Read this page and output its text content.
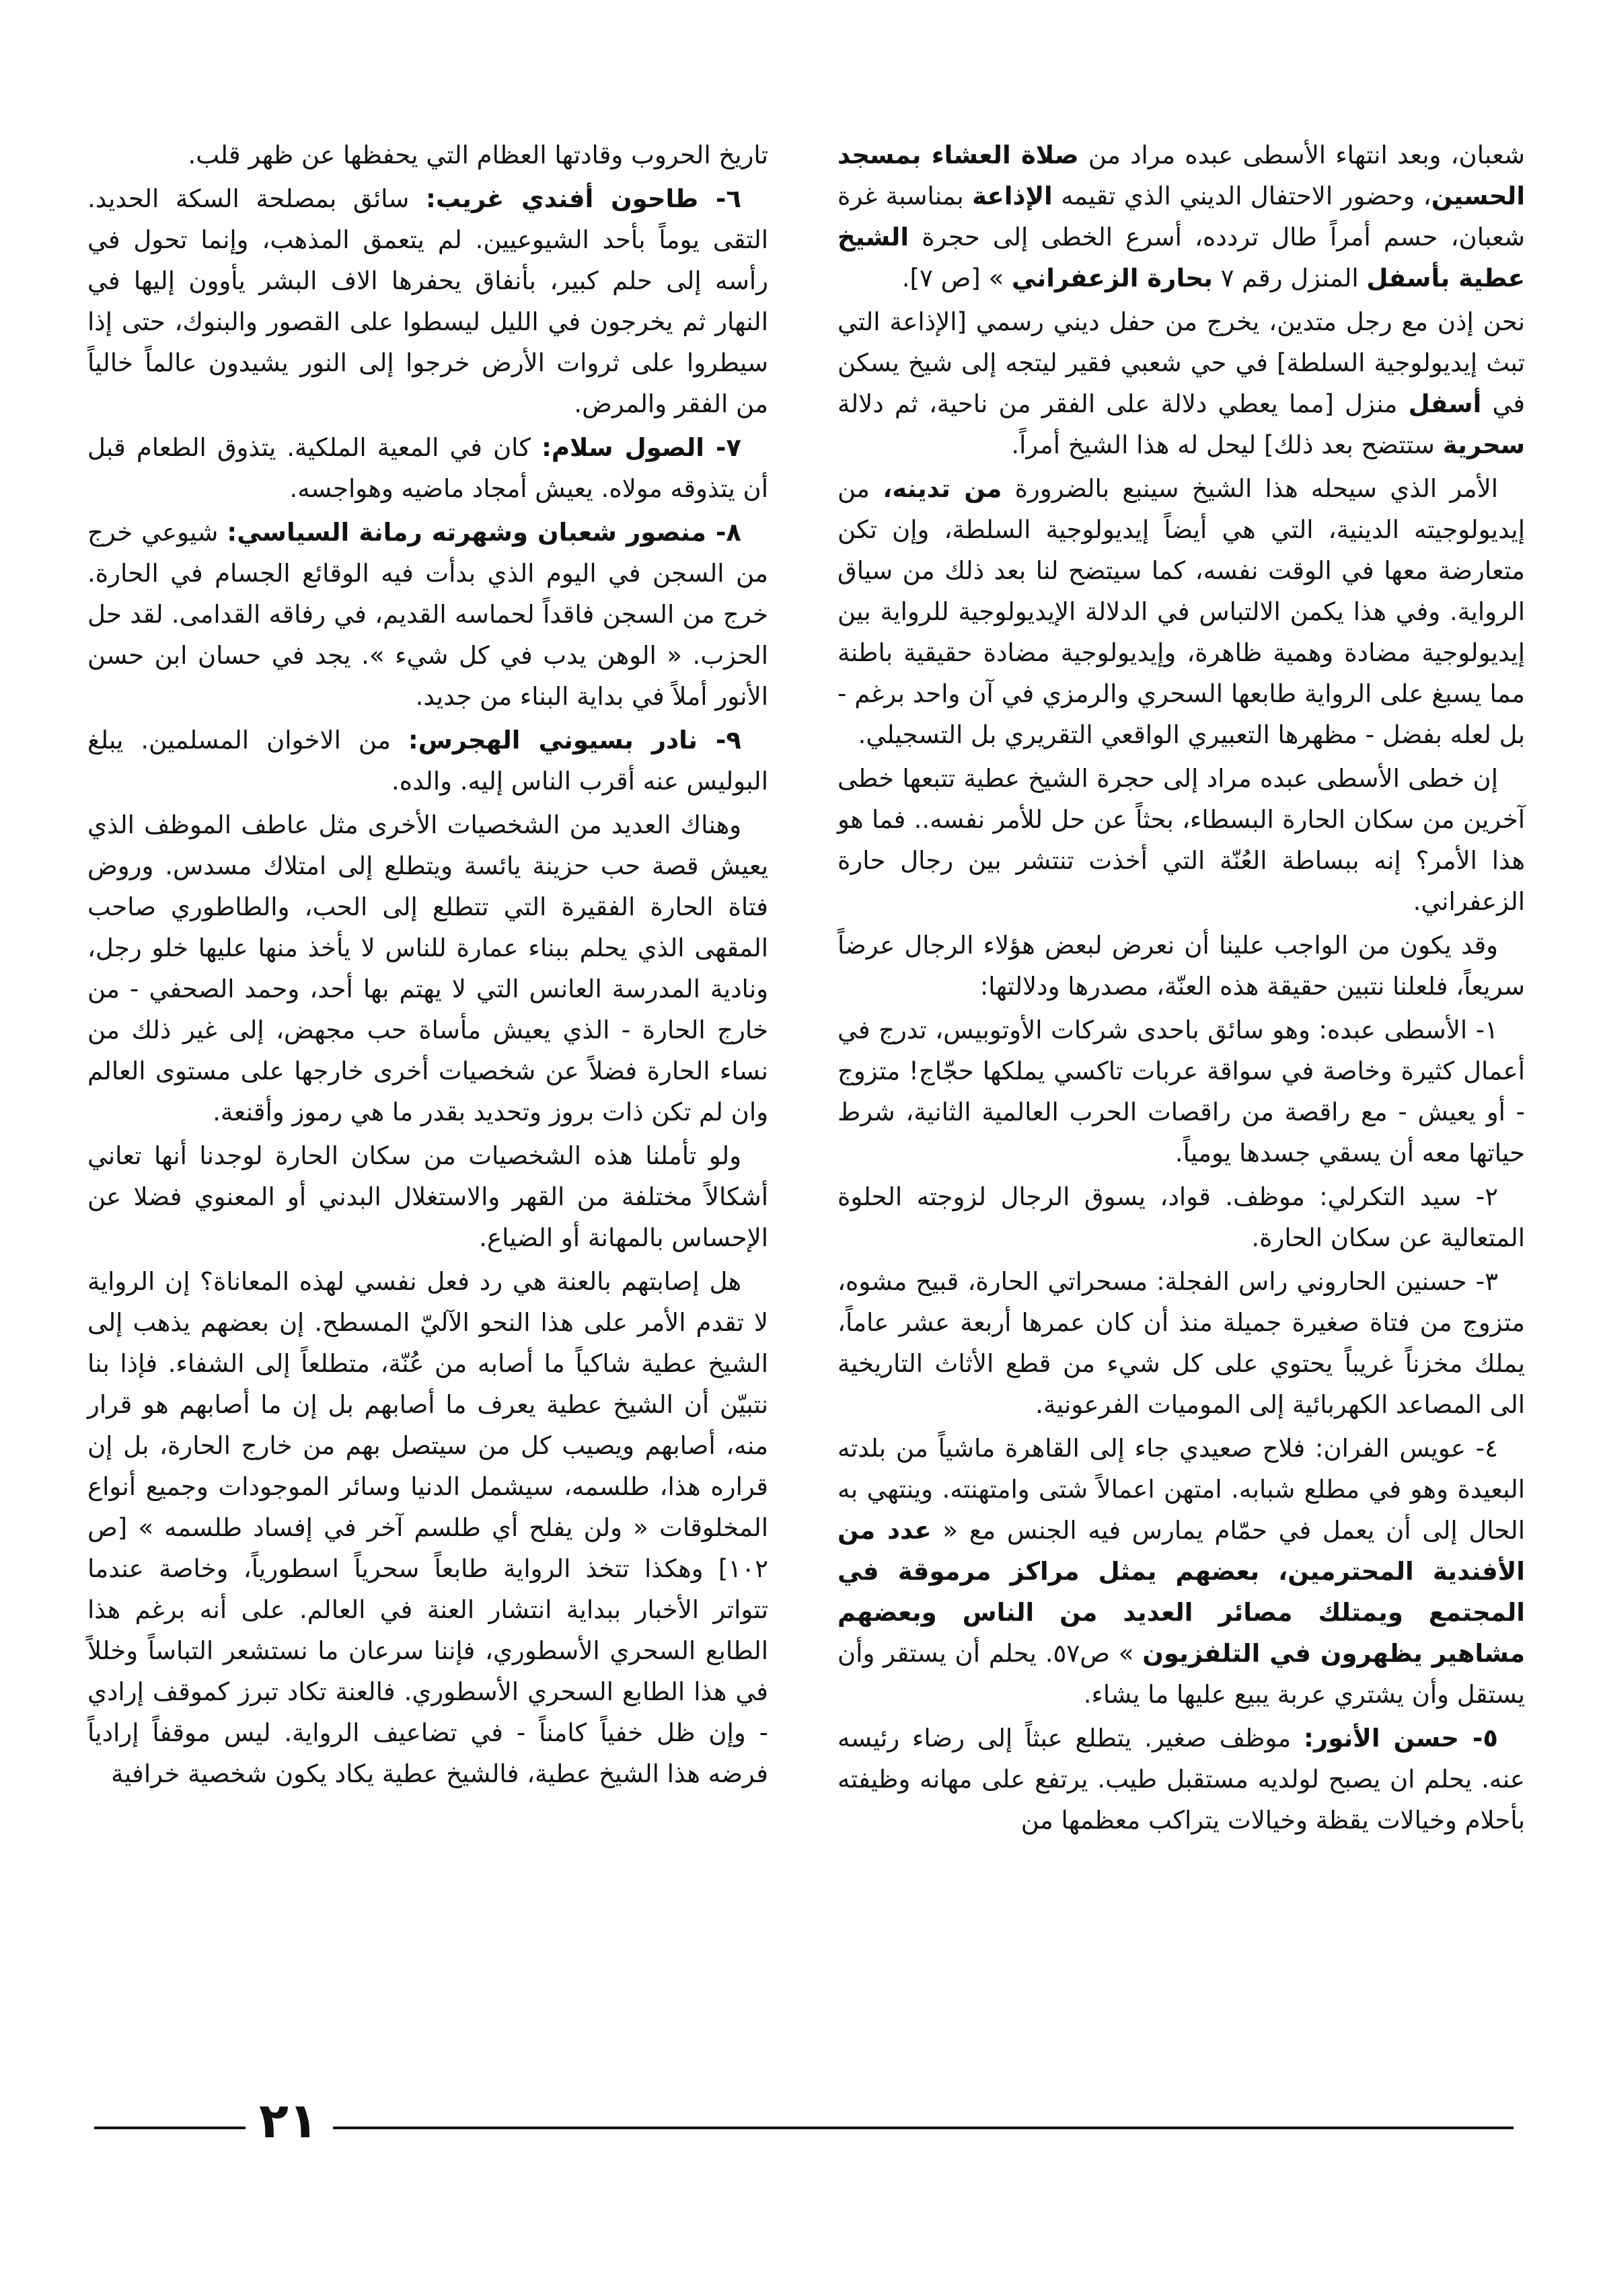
شعبان، وبعد انتهاء الأسطى عبده مراد من صلاة العشاء بمسجد الحسين، وحضور الاحتفال الديني الذي تقيمه الإذاعة بمناسبة غرة شعبان، حسم أمراً طال تردده، أسرع الخطى إلى حجرة الشيخ عطية بأسفل المنزل رقم ٧ بحارة الزعفراني » [ص ٧].

نحن إذن مع رجل متدين، يخرج من حفل ديني رسمي [الإذاعة التي تبث إيديولوجية السلطة] في حي شعبي فقير ليتجه إلى شيخ يسكن في أسفل منزل [مما يعطي دلالة على الفقر من ناحية، ثم دلالة سحرية ستتضح بعد ذلك] ليحل له هذا الشيخ أمراً.

الأمر الذي سيحله هذا الشيخ سينبع بالضرورة من تدينه، من إيديولوجيته الدينية، التي هي أيضاً إيديولوجية السلطة، وإن تكن متعارضة معها في الوقت نفسه، كما سيتضح لنا بعد ذلك من سياق الرواية. وفي هذا يكمن الالتباس في الدلالة الإيديولوجية للرواية بين إيديولوجية مضادة وهمية ظاهرة، وإيديولوجية مضادة حقيقية باطنة مما يسبغ على الرواية طابعها السحري والرمزي في آن واحد برغم - بل لعله بفضل - مظهرها التعبيري الواقعي التقريري بل التسجيلي.

إن خطى الأسطى عبده مراد إلى حجرة الشيخ عطية تتبعها خطى آخرين من سكان الحارة البسطاء، بحثاً عن حل للأمر نفسه.. فما هو هذا الأمر؟ إنه ببساطة العُنّة التي أخذت تنتشر بين رجال حارة الزعفراني.

وقد يكون من الواجب علينا أن نعرض لبعض هؤلاء الرجال عرضاً سريعاً، فلعلنا نتبين حقيقة هذه العنّة، مصدرها ودلالتها:

١- الأسطى عبده: وهو سائق باحدى شركات الأوتوبيس، تدرج في أعمال كثيرة وخاصة في سواقة عربات تاكسي يملكها حجّاج! متزوج - أو يعيش - مع راقصة من راقصات الحرب العالمية الثانية، شرط حياتها معه أن يسقي جسدها يومياً.

٢- سيد التكرلي: موظف. قواد، يسوق الرجال لزوجته الحلوة المتعالية عن سكان الحارة.

٣- حسنين الحاروني راس الفجلة: مسحراتي الحارة، قبيح مشوه، متزوج من فتاة صغيرة جميلة منذ أن كان عمرها أربعة عشر عاماً، يملك مخزناً غريباً يحتوي على كل شيء من قطع الأثاث التاريخية الى المصاعد الكهربائية إلى الموميات الفرعونية.

٤- عويس الفران: فلاح صعيدي جاء إلى القاهرة ماشياً من بلدته البعيدة وهو في مطلع شبابه. امتهن اعمالاً شتى وامتهنته. وينتهي به الحال إلى أن يعمل في حمّام يمارس فيه الجنس مع « عدد من الأفندية المحترمين، بعضهم يمثل مراكز مرموقة في المجتمع ويمتلك مصائر العديد من الناس وبعضهم مشاهير يظهرون في التلفزيون » ص٥٧. يحلم أن يستقر وأن يستقل وأن يشتري عربة يبيع عليها ما يشاء.

٥- حسن الأنور: موظف صغير. يتطلع عبثاً إلى رضاء رئيسه عنه. يحلم ان يصبح لولديه مستقبل طيب. يرتفع على مهانه وظيفته بأحلام وخيالات يقظة وخيالات يتراكب معظمها من

تاريخ الحروب وقادتها العظام التي يحفظها عن ظهر قلب.

٦- طاحون أفندي غريب: سائق بمصلحة السكة الحديد. التقى يوماً بأحد الشيوعيين. لم يتعمق المذهب، وإنما تحول في رأسه إلى حلم كبير، بأنفاق يحفرها الاف البشر يأوون إليها في النهار ثم يخرجون في الليل ليسطوا على القصور والبنوك، حتى إذا سيطروا على ثروات الأرض خرجوا إلى النور يشيدون عالماً خالياً من الفقر والمرض.

٧- الصول سلام: كان في المعية الملكية. يتذوق الطعام قبل أن يتذوقه مولاه. يعيش أمجاد ماضيه وهواجسه.

٨- منصور شعبان وشهرته رمانة السياسي: شيوعي خرج من السجن في اليوم الذي بدأت فيه الوقائع الجسام في الحارة. خرج من السجن فاقداً لحماسه القديم، في رفاقه القدامى. لقد حل الحزب. « الوهن يدب في كل شيء ». يجد في حسان ابن حسن الأنور أملاً في بداية البناء من جديد.

٩- نادر بسيوني الهجرس: من الاخوان المسلمين. يبلغ البوليس عنه أقرب الناس إليه. والده.

وهناك العديد من الشخصيات الأخرى مثل عاطف الموظف الذي يعيش قصة حب حزينة يائسة ويتطلع إلى امتلاك مسدس. وروض فتاة الحارة الفقيرة التي تتطلع إلى الحب، والطاطوري صاحب المقهى الذي يحلم ببناء عمارة للناس لا يأخذ منها عليها خلو رجل، ونادية المدرسة العانس التي لا يهتم بها أحد، وحمد الصحفي - من خارج الحارة - الذي يعيش مأساة حب مجهض، إلى غير ذلك من نساء الحارة فضلاً عن شخصيات أخرى خارجها على مستوى العالم وان لم تكن ذات بروز وتحديد بقدر ما هي رموز وأقنعة.

ولو تأملنا هذه الشخصيات من سكان الحارة لوجدنا أنها تعاني أشكالاً مختلفة من القهر والاستغلال البدني أو المعنوي فضلا عن الإحساس بالمهانة أو الضياع.

هل إصابتهم بالعنة هي رد فعل نفسي لهذه المعاناة؟ إن الرواية لا تقدم الأمر على هذا النحو الآليّ المسطح. إن بعضهم يذهب إلى الشيخ عطية شاكياً ما أصابه من عُنّة، متطلعاً إلى الشفاء. فإذا بنا نتبيّن أن الشيخ عطية يعرف ما أصابهم بل إن ما أصابهم هو قرار منه، أصابهم ويصيب كل من سيتصل بهم من خارج الحارة، بل إن قراره هذا، طلسمه، سيشمل الدنيا وسائر الموجودات وجميع أنواع المخلوقات « ولن يفلح أي طلسم آخر في إفساد طلسمه » [ص ١٠٢] وهكذا تتخذ الرواية طابعاً سحرياً اسطورياً، وخاصة عندما تتواتر الأخبار ببداية انتشار العنة في العالم. على أنه برغم هذا الطابع السحري الأسطوري، فإننا سرعان ما نستشعر التباساً وخللاً في هذا الطابع السحري الأسطوري. فالعنة تكاد تبرز كموقف إرادي - وإن ظل خفياً كامناً - في تضاعيف الرواية. ليس موقفاً إرادياً فرضه هذا الشيخ عطية، فالشيخ عطية يكاد يكون شخصية خرافية

٢١
